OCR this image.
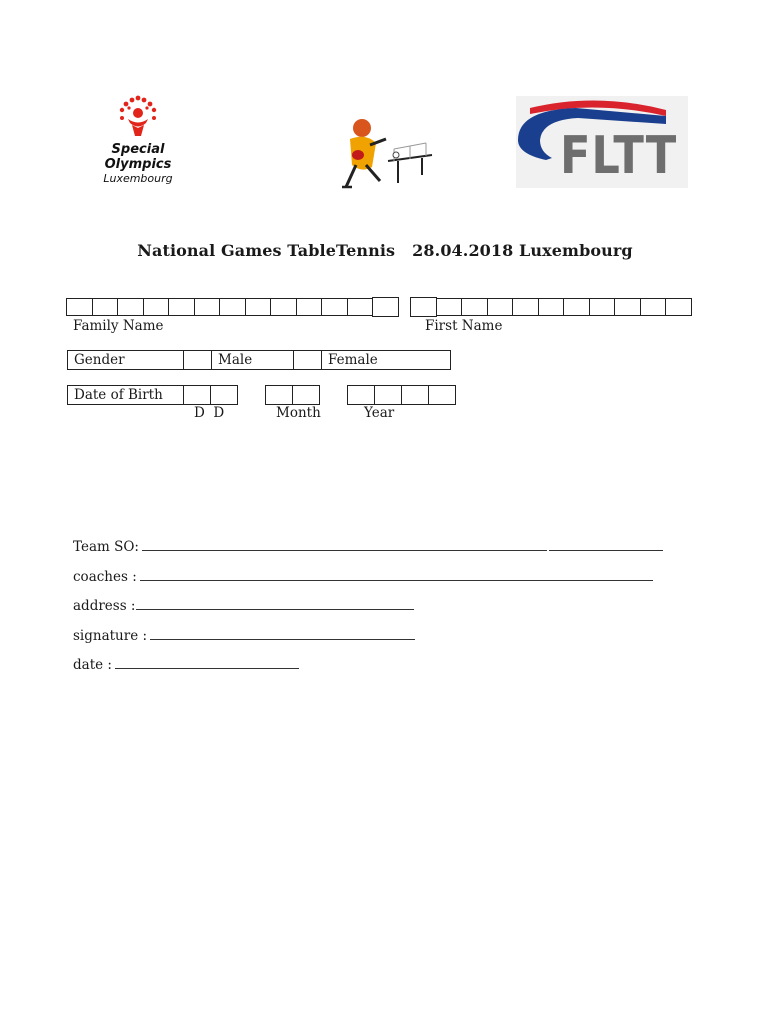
Special
Olympics
Luxembourg	FLTT
National Games TableTennis   28.04.2018 Luxembourg
Family Name	First Name
Gender	Male	Female
Date of Birth
D  D	Month	Year
Team SO:
coaches :
address :
signature :
date :
